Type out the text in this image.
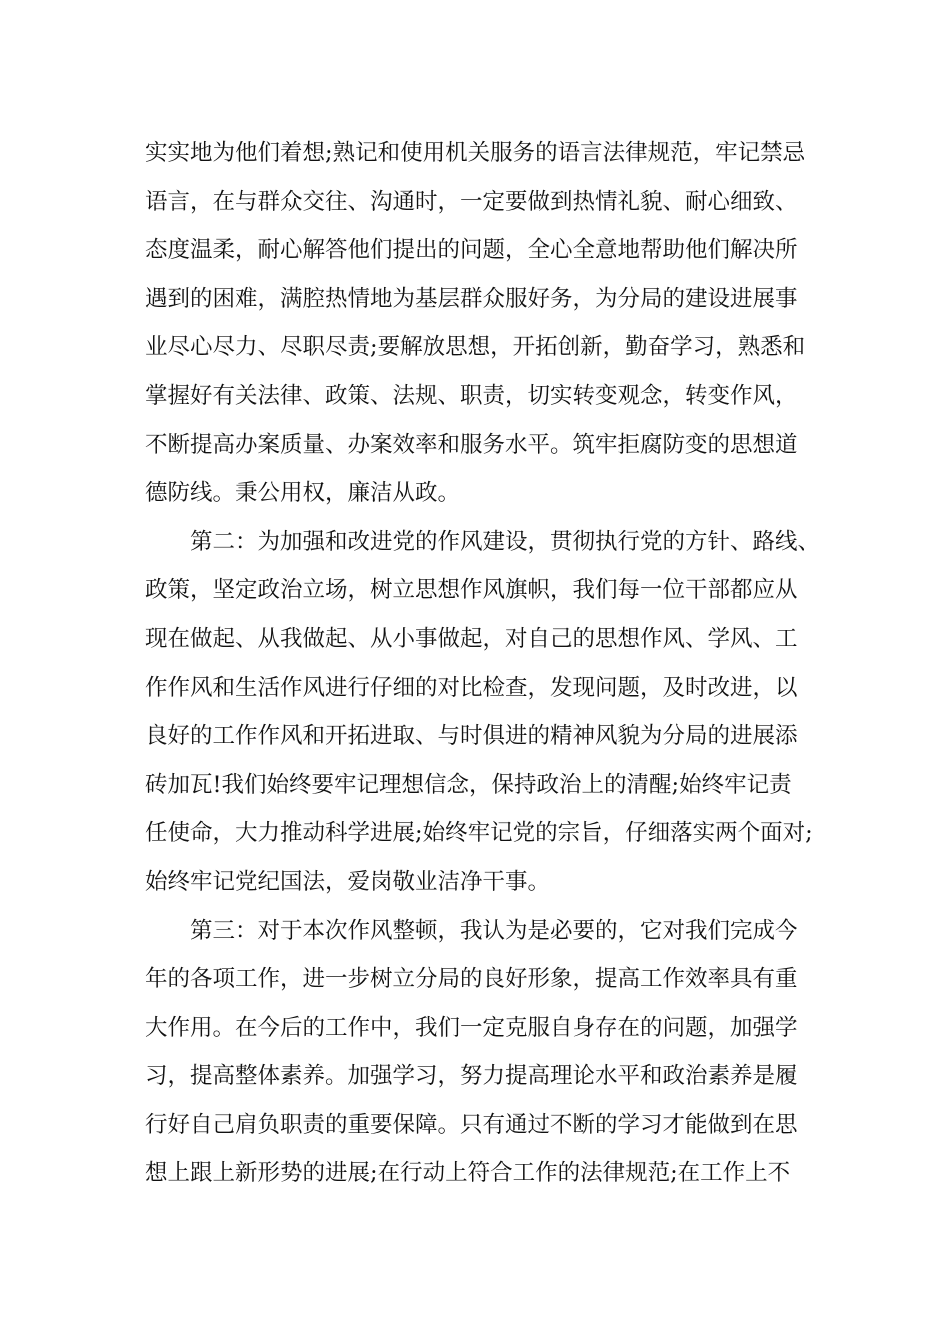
实实地为他们着想;熟记和使用机关服务的语言法律规范，牢记禁忌
语言，在与群众交往、沟通时，一定要做到热情礼貌、耐心细致、
态度温柔，耐心解答他们提出的问题，全心全意地帮助他们解决所
遇到的困难，满腔热情地为基层群众服好务，为分局的建设进展事
业尽心尽力、尽职尽责;要解放思想，开拓创新，勤奋学习，熟悉和
掌握好有关法律、政策、法规、职责，切实转变观念，转变作风，
不断提高办案质量、办案效率和服务水平。筑牢拒腐防变的思想道
德防线。秉公用权，廉洁从政。
第二：为加强和改进党的作风建设，贯彻执行党的方针、路线、
政策，坚定政治立场，树立思想作风旗帜，我们每一位干部都应从
现在做起、从我做起、从小事做起，对自己的思想作风、学风、工
作作风和生活作风进行仔细的对比检查，发现问题，及时改进，以
良好的工作作风和开拓进取、与时俱进的精神风貌为分局的进展添
砖加瓦!我们始终要牢记理想信念，保持政治上的清醒;始终牢记责
任使命，大力推动科学进展;始终牢记党的宗旨，仔细落实两个面对;
始终牢记党纪国法，爱岗敬业洁净干事。
第三：对于本次作风整顿，我认为是必要的，它对我们完成今
年的各项工作，进一步树立分局的良好形象，提高工作效率具有重
大作用。在今后的工作中，我们一定克服自身存在的问题，加强学
习，提高整体素养。加强学习，努力提高理论水平和政治素养是履
行好自己肩负职责的重要保障。只有通过不断的学习才能做到在思
想上跟上新形势的进展;在行动上符合工作的法律规范;在工作上不
